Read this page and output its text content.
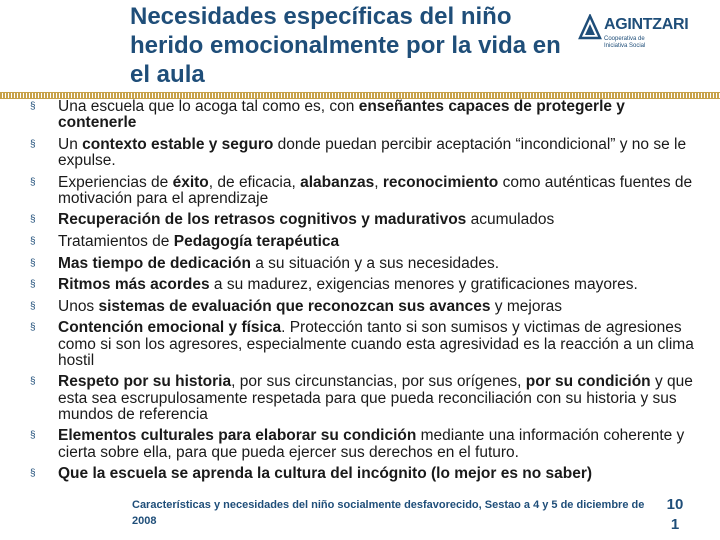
Necesidades específicas del niño herido emocionalmente por la vida en el aula
AGINTZARI
Cooperativa de Iniciativa Social
§	Una escuela que lo acoga tal como es, con enseñantes capaces de protegerle y contenerle
§	Un contexto estable y seguro donde puedan percibir aceptación “incondicional” y no se le expulse.
§	Experiencias de éxito, de eficacia, alabanzas, reconocimiento como auténticas fuentes de motivación para el aprendizaje
§	Recuperación de los retrasos cognitivos y madurativos acumulados
§	Tratamientos de Pedagogía terapéutica
§	Mas tiempo de dedicación a su situación y a sus necesidades.
§	Ritmos más acordes a su madurez, exigencias menores y gratificaciones mayores.
§	Unos sistemas de evaluación que reconozcan sus avances y mejoras
§	Contención emocional y física. Protección tanto si son sumisos y victimas de agresiones como si son los agresores, especialmente cuando esta agresividad es la reacción a un clima hostil
§	Respeto por su historia, por sus circunstancias, por sus orígenes, por su condición y que esta sea escrupulosamente respetada para que pueda reconciliación con su historia y sus mundos de referencia
§	Elementos culturales para elaborar su condición mediante una información coherente y cierta sobre ella, para que pueda ejercer sus derechos en el futuro.
§	Que la escuela se aprenda la cultura del incógnito (lo mejor es no saber)
Características y necesidades del niño socialmente desfavorecido, Sestao a 4 y 5 de diciembre de 2008
10
1
